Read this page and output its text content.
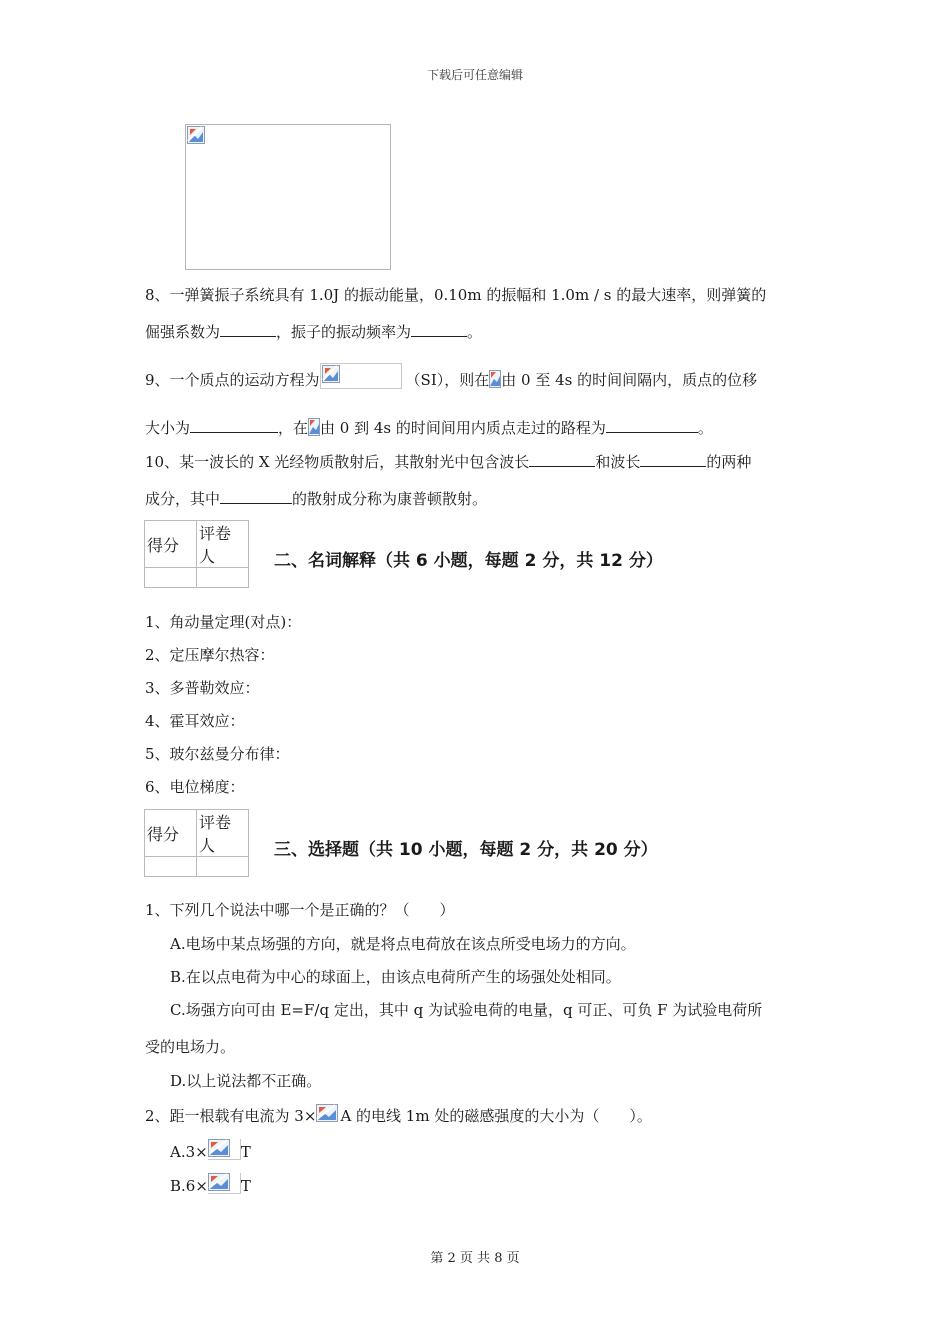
下载后可任意编辑
8、一弹簧振子系统具有 1.0J 的振动能量，0.10m 的振幅和 1.0m / s 的最大速率，则弹簧的
倔强系数为	，振子的振动频率为	。
9、一个质点的运动方程为	（SI），则在 由 0 至 4s 的时间间隔内，质点的位移
大小为	，在 由 0 到 4s 的时间间用内质点走过的路程为	。
10、某一波长的 X 光经物质散射后，其散射光中包含波长	和波长	的两种
成分，其中	的散射成分称为康普顿散射。
得分	评卷人
		二、名词解释（共 6 小题，每题 2 分，共 12 分）
1、角动量定理(对点)：
2、定压摩尔热容：
3、多普勒效应：
4、霍耳效应：
5、玻尔兹曼分布律：
6、电位梯度：
得分	评卷人
		三、选择题（共 10 小题，每题 2 分，共 20 分）
1、下列几个说法中哪一个是正确的？（　　）
A.电场中某点场强的方向，就是将点电荷放在该点所受电场力的方向。
B.在以点电荷为中心的球面上，由该点电荷所产生的场强处处相同。
C.场强方向可由 E=F/q 定出，其中 q 为试验电荷的电量，q 可正、可负 F 为试验电荷所
受的电场力。
D.以上说法都不正确。
2、距一根载有电流为 3× A 的电线 1m 处的磁感强度的大小为（　　）。
A.3× T
B.6× T
第 2 页 共 8 页
